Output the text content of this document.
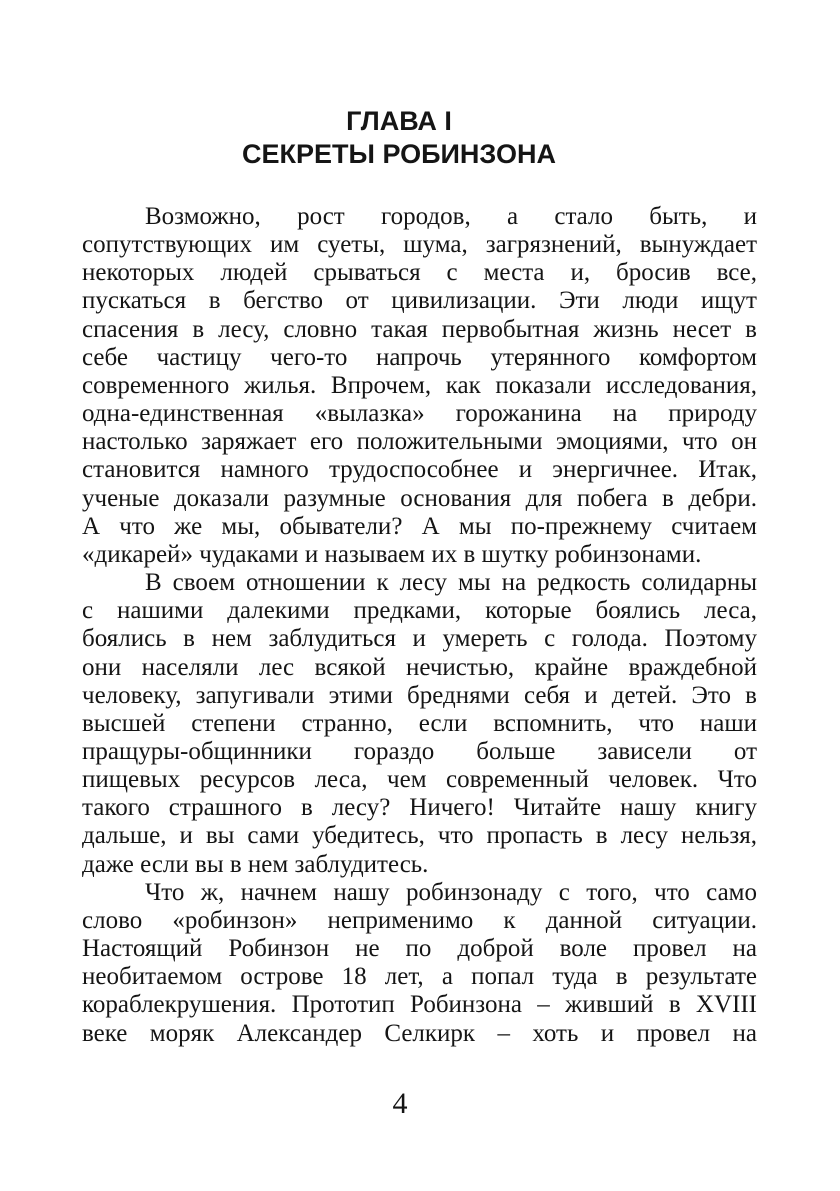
ГЛАВА I
СЕКРЕТЫ РОБИНЗОНА
Возможно, рост городов, а стало быть, и
сопутствующих им суеты, шума, загрязнений, вынуждает
некоторых людей срываться с места и, бросив все,
пускаться в бегство от цивилизации. Эти люди ищут
спасения в лесу, словно такая первобытная жизнь несет в
себе частицу чего-то напрочь утерянного комфортом
современного жилья. Впрочем, как показали исследования,
одна-единственная «вылазка» горожанина на природу
настолько заряжает его положительными эмоциями, что он
становится намного трудоспособнее и энергичнее. Итак,
ученые доказали разумные основания для побега в дебри.
А что же мы, обыватели? А мы по-прежнему считаем
«дикарей» чудаками и называем их в шутку робинзонами.
В своем отношении к лесу мы на редкость солидарны
с нашими далекими предками, которые боялись леса,
боялись в нем заблудиться и умереть с голода. Поэтому
они населяли лес всякой нечистью, крайне враждебной
человеку, запугивали этими бреднями себя и детей. Это в
высшей степени странно, если вспомнить, что наши
пращуры-общинники гораздо больше зависели от
пищевых ресурсов леса, чем современный человек. Что
такого страшного в лесу? Ничего! Читайте нашу книгу
дальше, и вы сами убедитесь, что пропасть в лесу нельзя,
даже если вы в нем заблудитесь.
Что ж, начнем нашу робинзонаду с того, что само
слово «робинзон» неприменимо к данной ситуации.
Настоящий Робинзон не по доброй воле провел на
необитаемом острове 18 лет, а попал туда в результате
кораблекрушения. Прототип Робинзона – живший в XVIII
веке моряк Александер Селкирк – хоть и провел на
4
